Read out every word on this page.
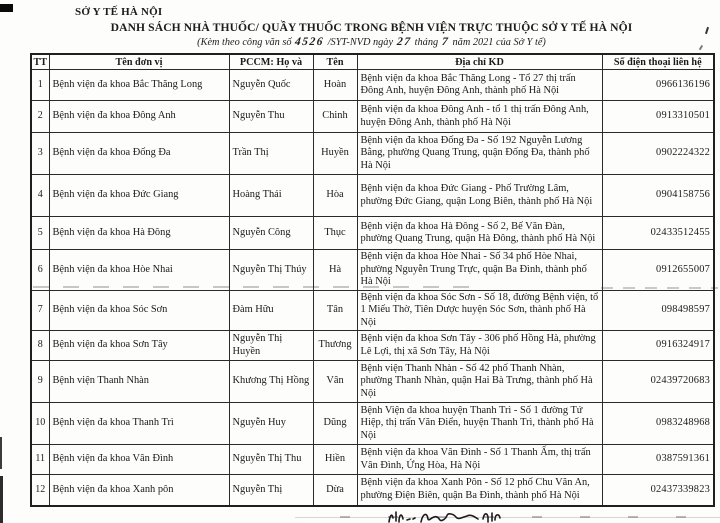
SỞ Y TẾ HÀ NỘI
DANH SÁCH NHÀ THUỐC/ QUẦY THUỐC TRONG BỆNH VIỆN TRỰC THUỘC SỞ Y TẾ HÀ NỘI
(Kèm theo công văn số 4526 /SYT-NVD ngày 27 tháng 7 năm 2021 của Sở Y tế)
TT	Tên đơn vị	PCCM: Họ và	Tên	Địa chỉ KD	Số điện thoại liên hệ
1	Bệnh viện đa khoa Bắc Thăng Long	Nguyễn Quốc	Hoàn	Bệnh viện đa khoa Bắc Thăng Long - Tổ 27 thị trấn Đông Anh, huyện Đông Anh, thành phố Hà Nội	0966136196
2	Bệnh viện đa khoa Đông Anh	Nguyễn Thu	Chinh	Bệnh viện đa khoa Đông Anh - tổ 1 thị trấn Đông Anh, huyện Đông Anh, thành phố Hà Nội	0913310501
3	Bệnh viện đa khoa Đống Đa	Trần Thị	Huyền	Bệnh viện đa khoa Đống Đa - Số 192 Nguyễn Lương Bằng, phường Quang Trung, quận Đống Đa, thành phố Hà Nội	0902224322
4	Bệnh viện đa khoa Đức Giang	Hoàng Thái	Hòa	Bệnh viện đa khoa Đức Giang - Phố Trường Lâm, phường Đức Giang, quận Long Biên, thành phố Hà Nội	0904158756
5	Bệnh viện đa khoa Hà Đông	Nguyễn Công	Thục	Bệnh viện đa khoa Hà Đông - Số 2, Bế Văn Đàn, phường Quang Trung, quận Hà Đông, thành phố Hà Nội	02433512455
6	Bệnh viện đa khoa Hòe Nhai	Nguyễn Thị Thúy	Hà	Bệnh viện đa khoa Hòe Nhai - Số 34 phố Hòe Nhai, phường Nguyễn Trung Trực, quận Ba Đình, thành phố Hà Nội	0912655007
7	Bệnh viện đa khoa Sóc Sơn	Đàm Hữu	Tân	Bệnh viện đa khoa Sóc Sơn - Số 18, đường Bệnh viện, tổ 1 Miếu Thờ, Tiên Dược huyện Sóc Sơn, thành phố Hà Nội	098498597
8	Bệnh viện đa khoa Sơn Tây	Nguyễn Thị Huyền	Thương	Bệnh viện đa khoa Sơn Tây - 306 phố Hồng Hà, phường Lê Lợi, thị xã Sơn Tây, Hà Nội	0916324917
9	Bệnh viện Thanh Nhàn	Khương Thị Hồng	Vân	Bệnh viện Thanh Nhàn - Số 42 phố Thanh Nhàn, phường Thanh Nhàn, quận Hai Bà Trưng, thành phố Hà Nội	02439720683
10	Bệnh viện đa khoa Thanh Trì	Nguyễn Huy	Dũng	Bệnh Viện đa khoa huyện Thanh Trì - Số 1 đường Tứ Hiệp, thị trấn Văn Điển, huyện Thanh Trì, thành phố Hà Nội	0983248968
11	Bệnh viện đa khoa Vân Đình	Nguyễn Thị Thu	Hiền	Bệnh viện đa khoa Vân Đình - Số 1 Thanh Ấm, thị trấn Vân Đình, Ứng Hòa, Hà Nội	0387591361
12	Bệnh viện đa khoa Xanh pôn	Nguyễn Thị	Dừa	Bệnh viện đa khoa Xanh Pôn - Số 12 phố Chu Văn An, phường Điện Biên, quận Ba Đình, thành phố Hà Nội	02437339823
